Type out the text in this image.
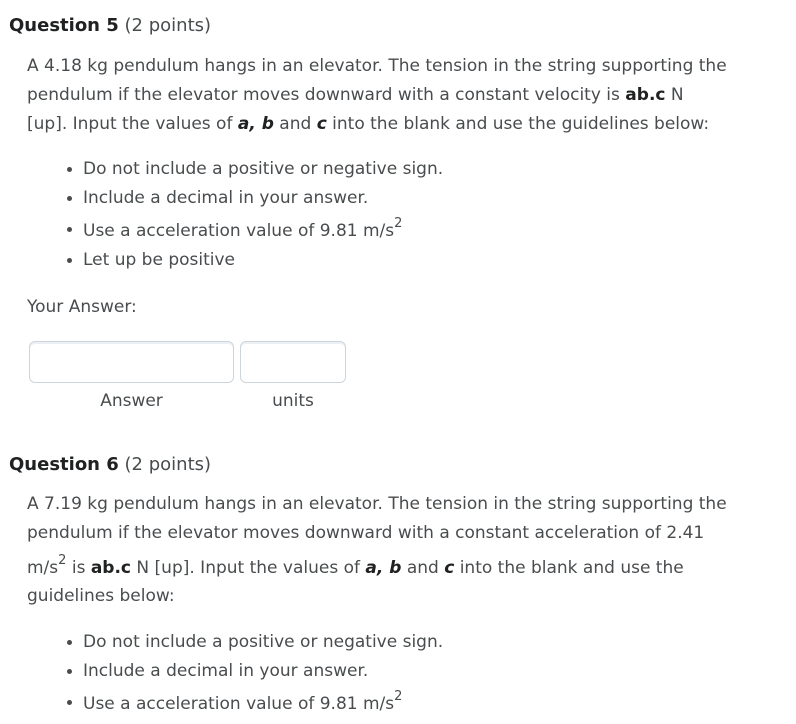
Question 5 (2 points)

A 4.18 kg pendulum hangs in an elevator. The tension in the string supporting the pendulum if the elevator moves downward with a constant velocity is ab.c N [up]. Input the values of a, b and c into the blank and use the guidelines below:

Do not include a positive or negative sign.
Include a decimal in your answer.
Use a acceleration value of 9.81 $m/s^2$
Let up be positive
Your Answer:
Answer	units
Question 6 (2 points)
A 7.19 kg pendulum hangs in an elevator. The tension in the string supporting the
pendulum if the elevator moves downward with a constant acceleration of 2.41
$m/s^2$ is ab.c N [up]. Input the values of a, b and c into the blank and use the
guidelines below:
Do not include a positive or negative sign.
Include a decimal in your answer.
Use a acceleration value of 9.81 $m/s^2$
